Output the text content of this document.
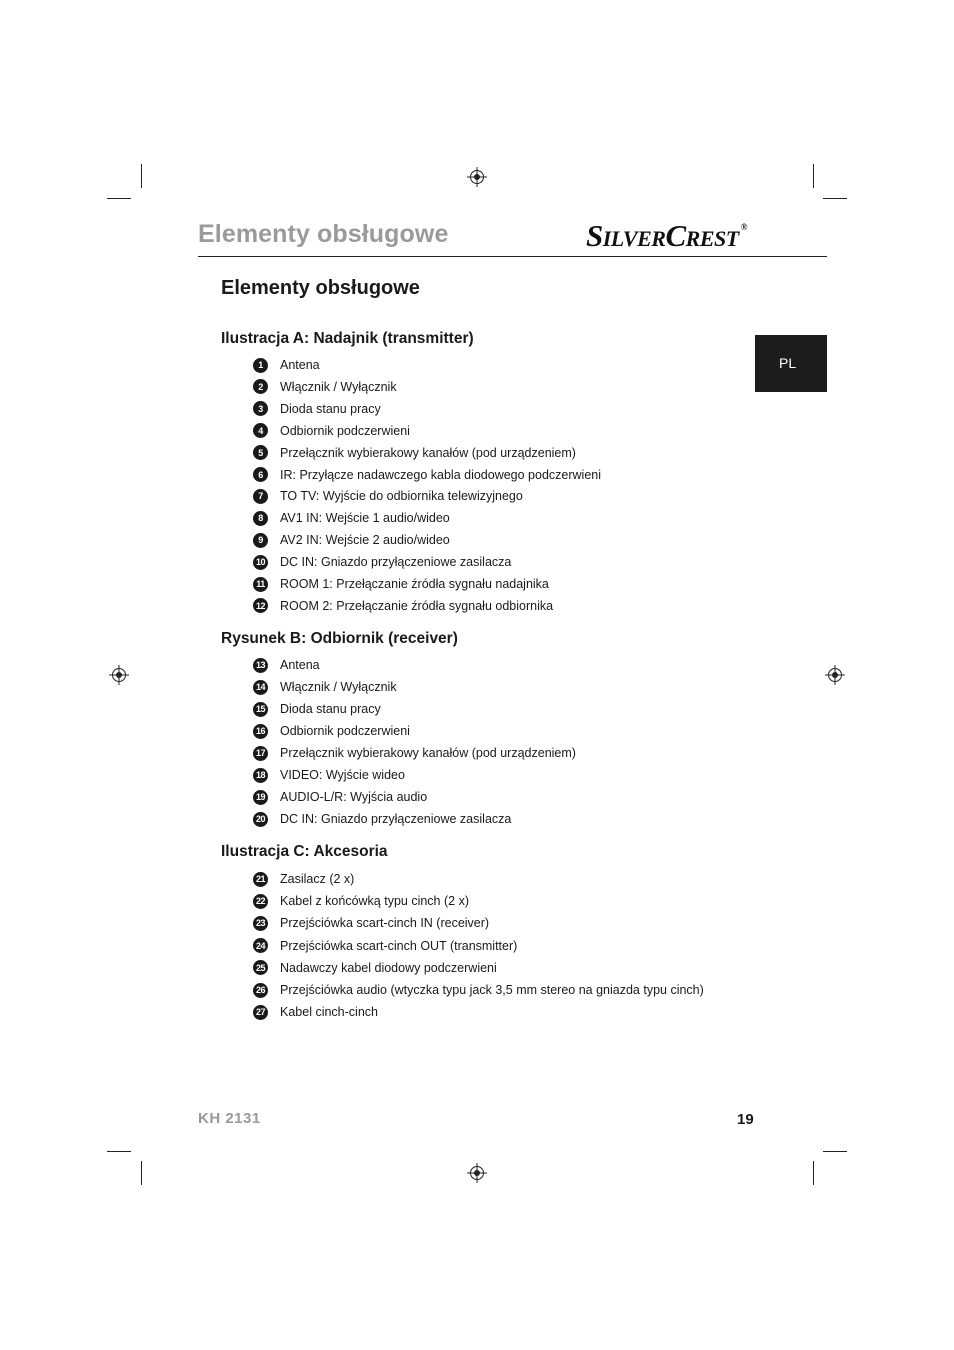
Elementy obsługowe	SILVERCREST ®
Elementy obsługowe
PL
Ilustracja A: Nadajnik (transmitter)
1	Antena
2	Włącznik / Wyłącznik
3	Dioda stanu pracy
4	Odbiornik podczerwieni
5	Przełącznik wybierakowy kanałów (pod urządzeniem)
6	IR: Przyłącze nadawczego kabla diodowego podczerwieni
7	TO TV: Wyjście do odbiornika telewizyjnego
8	AV1 IN: Wejście 1 audio/wideo
9	AV2 IN: Wejście 2 audio/wideo
10 DC IN: Gniazdo przyłączeniowe zasilacza
11 ROOM 1: Przełączanie źródła sygnału nadajnika
12 ROOM 2: Przełączanie źródła sygnału odbiornika
Rysunek B: Odbiornik (receiver)
13 Antena
14 Włącznik / Wyłącznik
15 Dioda stanu pracy
16 Odbiornik podczerwieni
17 Przełącznik wybierakowy kanałów (pod urządzeniem)
18 VIDEO: Wyjście wideo
19 AUDIO-L/R: Wyjścia audio
20 DC IN: Gniazdo przyłączeniowe zasilacza
Ilustracja C: Akcesoria
21 Zasilacz (2 x)
22 Kabel z końcówką typu cinch (2 x)
23 Przejściówka scart-cinch IN (receiver)
24 Przejściówka scart-cinch OUT (transmitter)
25 Nadawczy kabel diodowy podczerwieni
26 Przejściówka audio (wtyczka typu jack 3,5 mm stereo na gniazda typu cinch)
27 Kabel cinch-cinch
KH 2131	19
